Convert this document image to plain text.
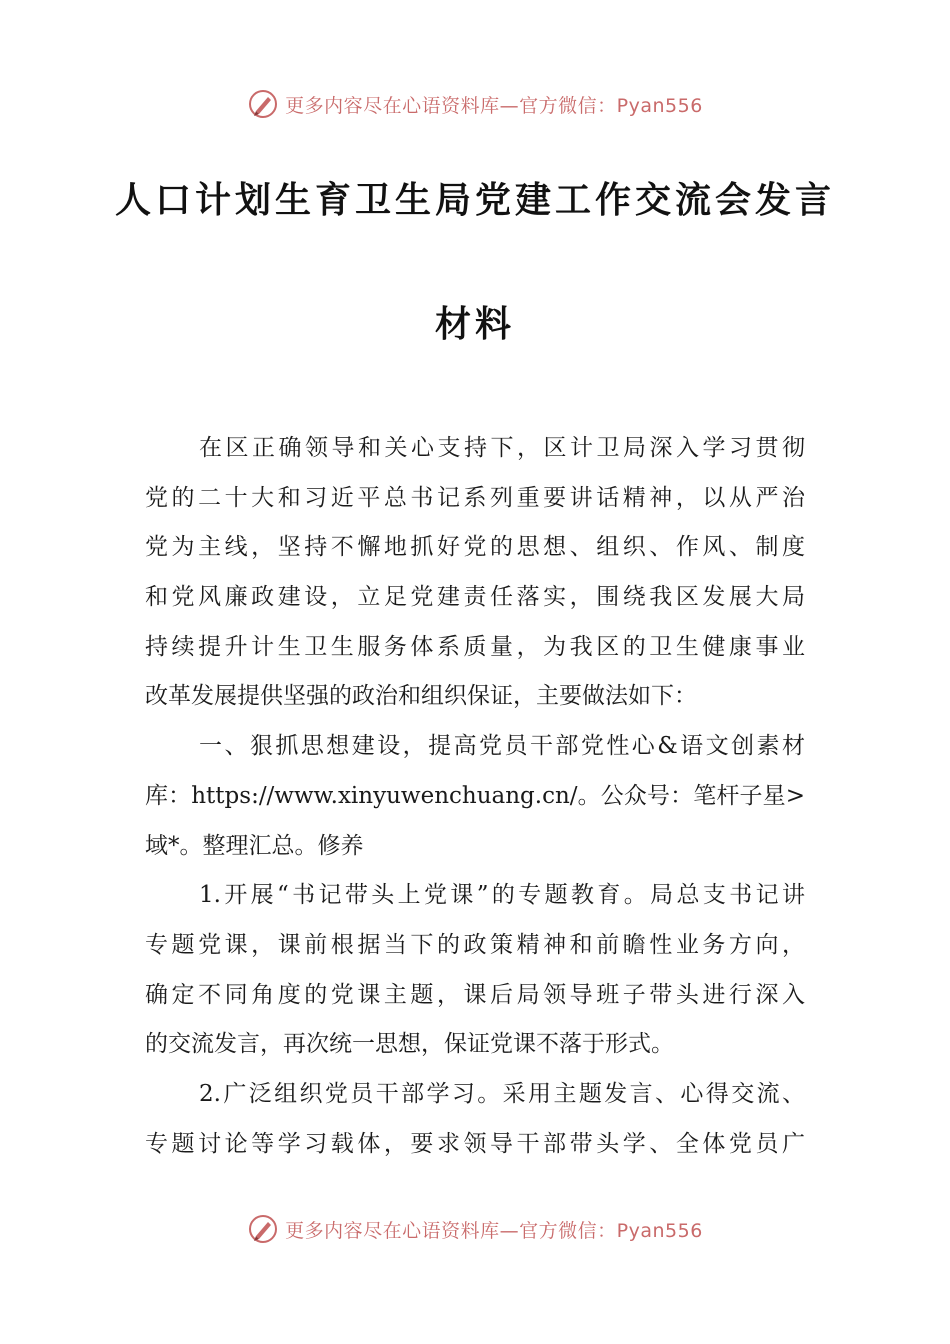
更多内容尽在心语资料库—官方微信：Pyan556
人口计划生育卫生局党建工作交流会发言
材料
在区正确领导和关心支持下，区计卫局深入学习贯彻
党的二十大和习近平总书记系列重要讲话精神，以从严治
党为主线，坚持不懈地抓好党的思想、组织、作风、制度
和党风廉政建设，立足党建责任落实，围绕我区发展大局
持续提升计生卫生服务体系质量，为我区的卫生健康事业
改革发展提供坚强的政治和组织保证，主要做法如下：
一、狠抓思想建设，提高党员干部党性心&语文创素材
库：https://www.xinyuwenchuang.cn/。公众号：笔杆子星>
域*。整理汇总。修养
1.开展“书记带头上党课”的专题教育。局总支书记讲
专题党课，课前根据当下的政策精神和前瞻性业务方向，
确定不同角度的党课主题，课后局领导班子带头进行深入
的交流发言，再次统一思想，保证党课不落于形式。
2.广泛组织党员干部学习。采用主题发言、心得交流、
专题讨论等学习载体，要求领导干部带头学、全体党员广
更多内容尽在心语资料库—官方微信：Pyan556
